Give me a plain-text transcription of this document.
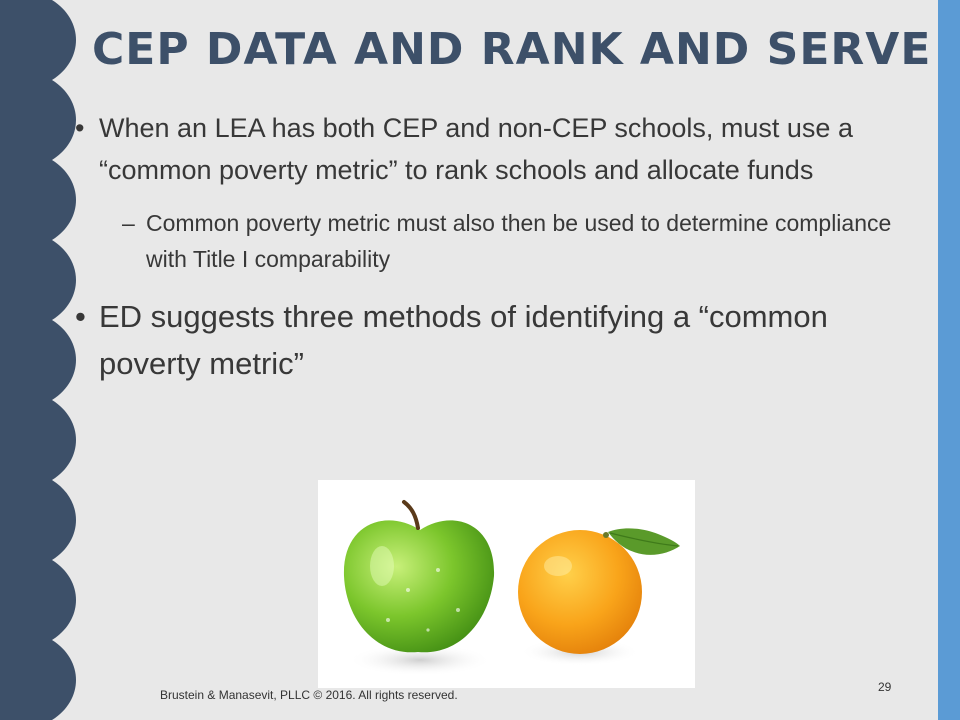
CEP DATA AND RANK AND SERVE
• When an LEA has both CEP and non-CEP schools, must use a “common poverty metric” to rank schools and allocate funds
– Common poverty metric must also then be used to determine compliance with Title I comparability
• ED suggests three methods of identifying a “common poverty metric”
Brustein & Manasevit, PLLC © 2016. All rights reserved.
29
